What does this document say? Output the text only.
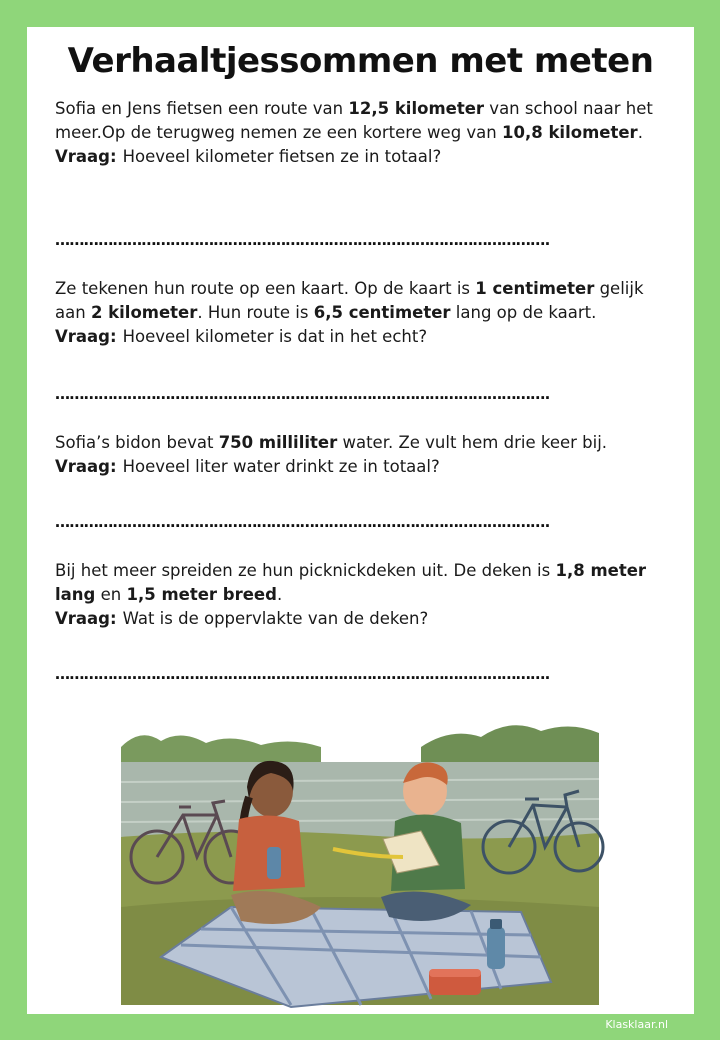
Verhaaltjessommen met meten
Sofia en Jens fietsen een route van 12,5 kilometer van school naar het meer.Op de terugweg nemen ze een kortere weg van 10,8 kilometer.
Vraag: Hoeveel kilometer fietsen ze in totaal?
………………………………………………………………………………………….
Ze tekenen hun route op een kaart. Op de kaart is 1 centimeter gelijk aan 2 kilometer. Hun route is 6,5 centimeter lang op de kaart.
Vraag: Hoeveel kilometer is dat in het echt?
………………………………………………………………………………………….
Sofia’s bidon bevat 750 milliliter water. Ze vult hem drie keer bij.
Vraag: Hoeveel liter water drinkt ze in totaal?
………………………………………………………………………………………….
Bij het meer spreiden ze hun picknickdeken uit. De deken is 1,8 meter lang en 1,5 meter breed.
Vraag: Wat is de oppervlakte van de deken?
………………………………………………………………………………………….
Klasklaar.nl
